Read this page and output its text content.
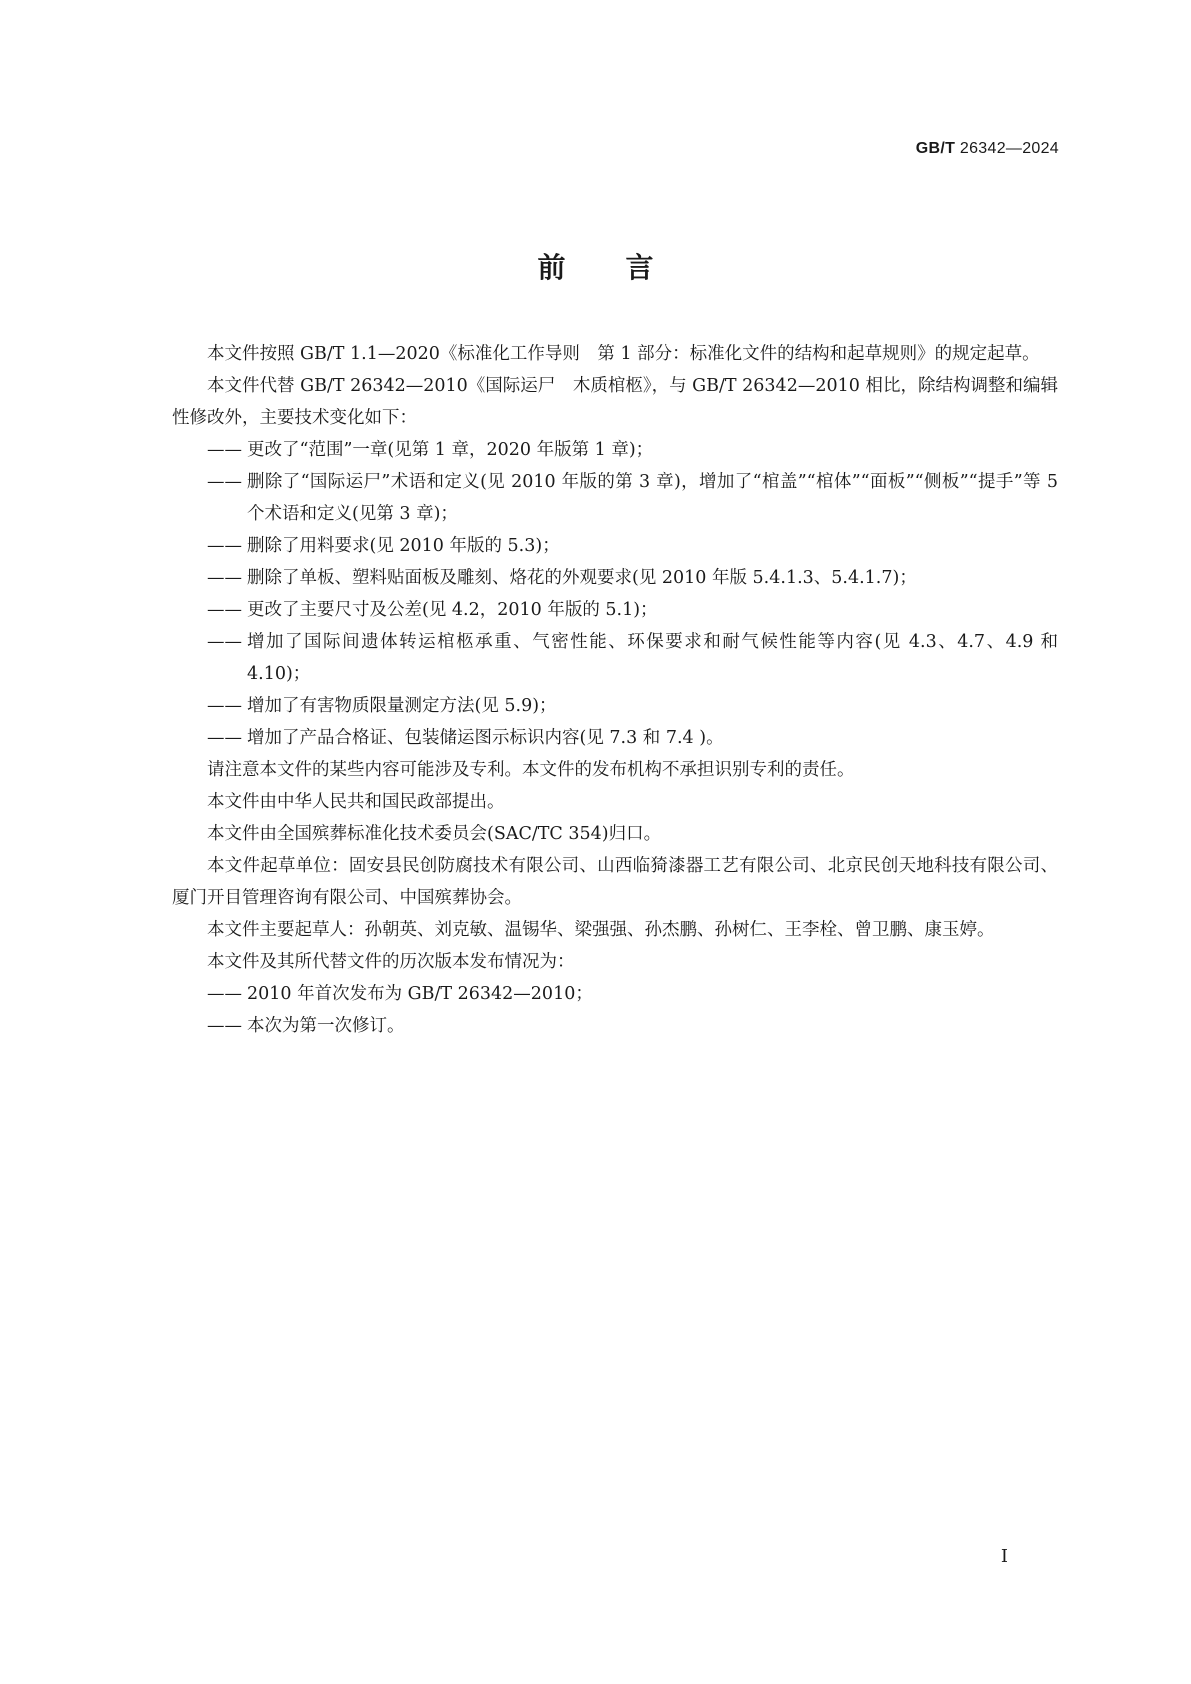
GB/T 26342—2024
前言

本文件按照 GB/T 1.1—2020《标准化工作导则　第 1 部分：标准化文件的结构和起草规则》的规定起草。

本文件代替 GB/T 26342—2010《国际运尸　木质棺柩》，与 GB/T 26342—2010 相比，除结构调整和编辑性修改外，主要技术变化如下：

—— 更改了“范围”一章(见第 1 章，2020 年版第 1 章)；

—— 删除了“国际运尸”术语和定义(见 2010 年版的第 3 章)，增加了“棺盖”“棺体”“面板”“侧板”“提手”等 5 个术语和定义(见第 3 章)；

—— 删除了用料要求(见 2010 年版的 5.3)；

—— 删除了单板、塑料贴面板及雕刻、烙花的外观要求(见 2010 年版 5.4.1.3、5.4.1.7)；

—— 更改了主要尺寸及公差(见 4.2，2010 年版的 5.1)；

—— 增加了国际间遗体转运棺柩承重、气密性能、环保要求和耐气候性能等内容(见 4.3、4.7、4.9 和 4.10)；

—— 增加了有害物质限量测定方法(见 5.9)；

—— 增加了产品合格证、包装储运图示标识内容(见 7.3 和 7.4 )。

请注意本文件的某些内容可能涉及专利。本文件的发布机构不承担识别专利的责任。

本文件由中华人民共和国民政部提出。

本文件由全国殡葬标准化技术委员会(SAC/TC 354)归口。

本文件起草单位：固安县民创防腐技术有限公司、山西临猗漆器工艺有限公司、北京民创天地科技有限公司、厦门开目管理咨询有限公司、中国殡葬协会。

本文件主要起草人：孙朝英、刘克敏、温锡华、梁强强、孙杰鹏、孙树仁、王李栓、曾卫鹏、康玉婷。

本文件及其所代替文件的历次版本发布情况为：

—— 2010 年首次发布为 GB/T 26342—2010；

—— 本次为第一次修订。

I
